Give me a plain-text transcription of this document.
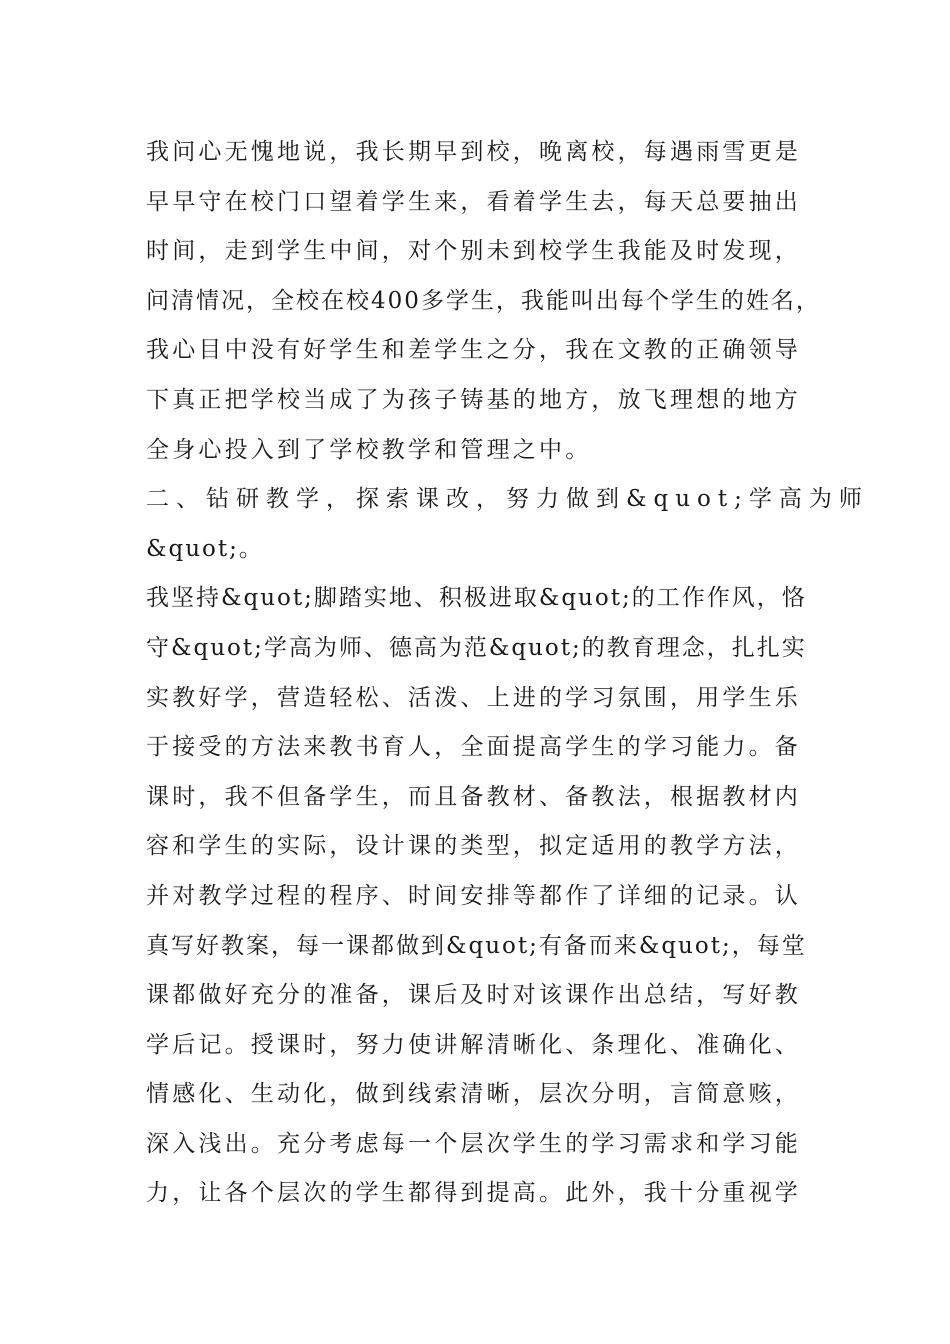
我问心无愧地说，我长期早到校，晚离校，每遇雨雪更是
早早守在校门口望着学生来，看着学生去，每天总要抽出
时间，走到学生中间，对个别未到校学生我能及时发现，
问清情况，全校在校400多学生，我能叫出每个学生的姓名，
我心目中没有好学生和差学生之分，我在文教的正确领导
下真正把学校当成了为孩子铸基的地方，放飞理想的地方
全身心投入到了学校教学和管理之中。
二、钻研教学，探索课改，努力做到&quot;学高为师
&quot;。
我坚持&quot;脚踏实地、积极进取&quot;的工作作风，恪
守&quot;学高为师、德高为范&quot;的教育理念，扎扎实
实教好学，营造轻松、活泼、上进的学习氛围，用学生乐
于接受的方法来教书育人，全面提高学生的学习能力。备
课时，我不但备学生，而且备教材、备教法，根据教材内
容和学生的实际，设计课的类型，拟定适用的教学方法，
并对教学过程的程序、时间安排等都作了详细的记录。认
真写好教案，每一课都做到&quot;有备而来&quot;，每堂
课都做好充分的准备，课后及时对该课作出总结，写好教
学后记。授课时，努力使讲解清晰化、条理化、准确化、
情感化、生动化，做到线索清晰，层次分明，言简意赅，
深入浅出。充分考虑每一个层次学生的学习需求和学习能
力，让各个层次的学生都得到提高。此外，我十分重视学
